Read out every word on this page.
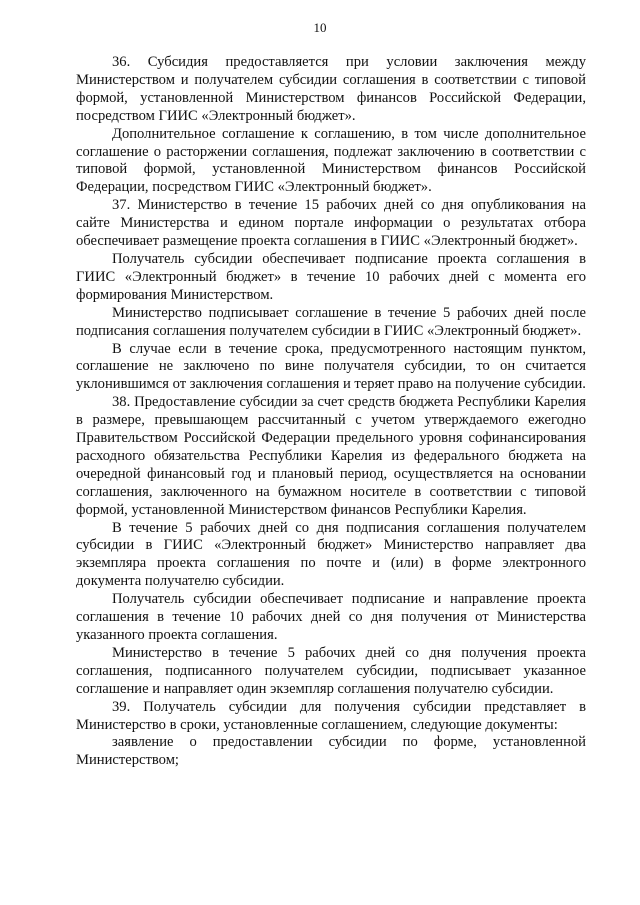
10

36. Субсидия предоставляется при условии заключения между Министерством и получателем субсидии соглашения в соответствии с типовой формой, установленной Министерством финансов Российской Федерации, посредством ГИИС «Электронный бюджет».

Дополнительное соглашение к соглашению, в том числе дополнительное соглашение о расторжении соглашения, подлежат заключению в соответствии с типовой формой, установленной Министерством финансов Российской Федерации, посредством ГИИС «Электронный бюджет».

37. Министерство в течение 15 рабочих дней со дня опубликования на сайте Министерства и едином портале информации о результатах отбора обеспечивает размещение проекта соглашения в ГИИС «Электронный бюджет».

Получатель субсидии обеспечивает подписание проекта соглашения в ГИИС «Электронный бюджет» в течение 10 рабочих дней с момента его формирования Министерством.

Министерство подписывает соглашение в течение 5 рабочих дней после подписания соглашения получателем субсидии в ГИИС «Электронный бюджет».

В случае если в течение срока, предусмотренного настоящим пунктом, соглашение не заключено по вине получателя субсидии, то он считается уклонившимся от заключения соглашения и теряет право на получение субсидии.

38. Предоставление субсидии за счет средств бюджета Республики Карелия в размере, превышающем рассчитанный с учетом утверждаемого ежегодно Правительством Российской Федерации предельного уровня софинансирования расходного обязательства Республики Карелия из федерального бюджета на очередной финансовый год и плановый период, осуществляется на основании соглашения, заключенного на бумажном носителе в соответствии с типовой формой, установленной Министерством финансов Республики Карелия.

В течение 5 рабочих дней со дня подписания соглашения получателем субсидии в ГИИС «Электронный бюджет» Министерство направляет два экземпляра проекта соглашения по почте и (или) в форме электронного документа получателю субсидии.

Получатель субсидии обеспечивает подписание и направление проекта соглашения в течение 10 рабочих дней со дня получения от Министерства указанного проекта соглашения.

Министерство в течение 5 рабочих дней со дня получения проекта соглашения, подписанного получателем субсидии, подписывает указанное соглашение и направляет один экземпляр соглашения получателю субсидии.

39. Получатель субсидии для получения субсидии представляет в Министерство в сроки, установленные соглашением, следующие документы:

заявление о предоставлении субсидии по форме, установленной Министерством;
